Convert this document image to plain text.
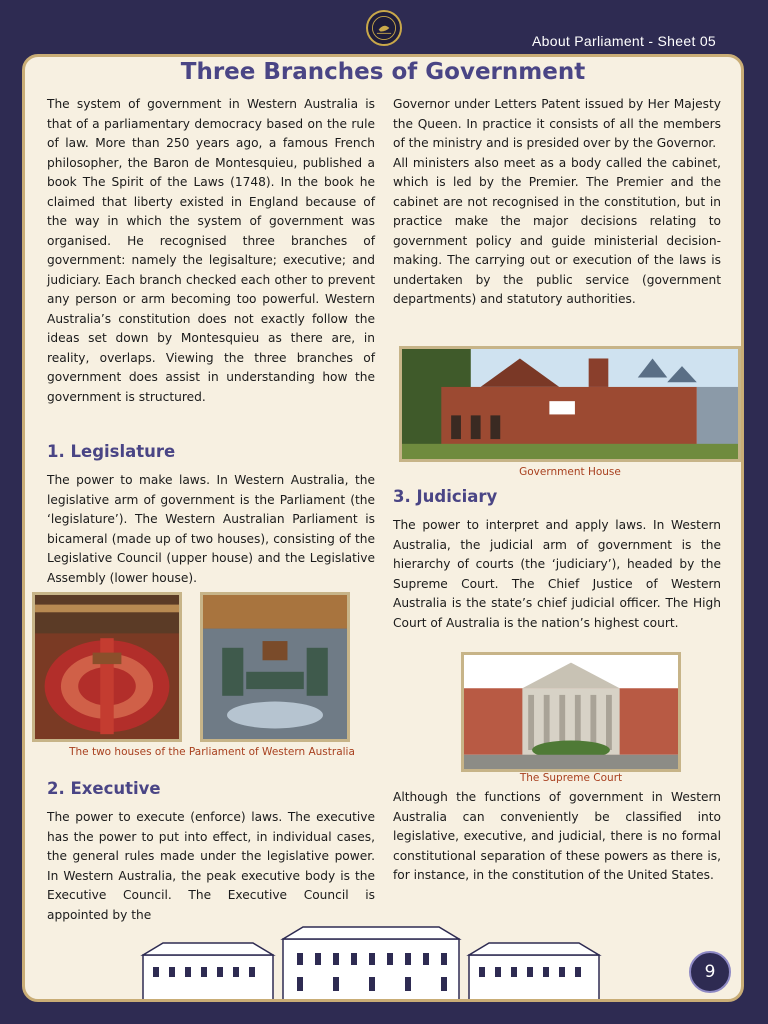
About Parliament - Sheet 05
Three Branches of Government

The system of government in Western Australia is that of a parliamentary democracy based on the rule of law. More than 250 years ago, a famous French philosopher, the Baron de Montesquieu, published a book The Spirit of the Laws (1748). In the book he claimed that liberty existed in England because of the way in which the system of government was organised. He recognised three branches of government: namely the legisalture; executive; and judiciary. Each branch checked each other to prevent any person or arm becoming too powerful. Western Australia’s constitution does not exactly follow the ideas set down by Montesquieu as there are, in reality, overlaps. Viewing the three branches of government does assist in understanding how the government is structured.

1. Legislature

The power to make laws. In Western Australia, the legislative arm of government is the Parliament (the ‘legislature’). The Western Australian Parliament is bicameral (made up of two houses), consisting of the Legislative Council (upper house) and the Legislative Assembly (lower house).

The two houses of the Parliament of Western Australia
2. Executive

The power to execute (enforce) laws. The executive has the power to put into effect, in individual cases, the general rules made under the legislative power. In Western Australia, the peak executive body is the Executive Council. The Executive Council is appointed by the

Governor under Letters Patent issued by Her Majesty the Queen. In practice it consists of all the members of the ministry and is presided over by the Governor.

All ministers also meet as a body called the cabinet, which is led by the Premier. The Premier and the cabinet are not recognised in the constitution, but in practice make the major decisions relating to government policy and guide ministerial decision-making. The carrying out or execution of the laws is undertaken by the public service (government departments) and statutory authorities.

Government House
3. Judiciary

The power to interpret and apply laws. In Western Australia, the judicial arm of government is the hierarchy of courts (the ‘judiciary’), headed by the Supreme Court. The Chief Justice of Western Australia is the state’s chief judicial officer. The High Court of Australia is the nation’s highest court.

The Supreme Court

Although the functions of government in Western Australia can conveniently be classified into legislative, executive, and judicial, there is no formal constitutional separation of these powers as there is, for instance, in the constitution of the United States.

9
